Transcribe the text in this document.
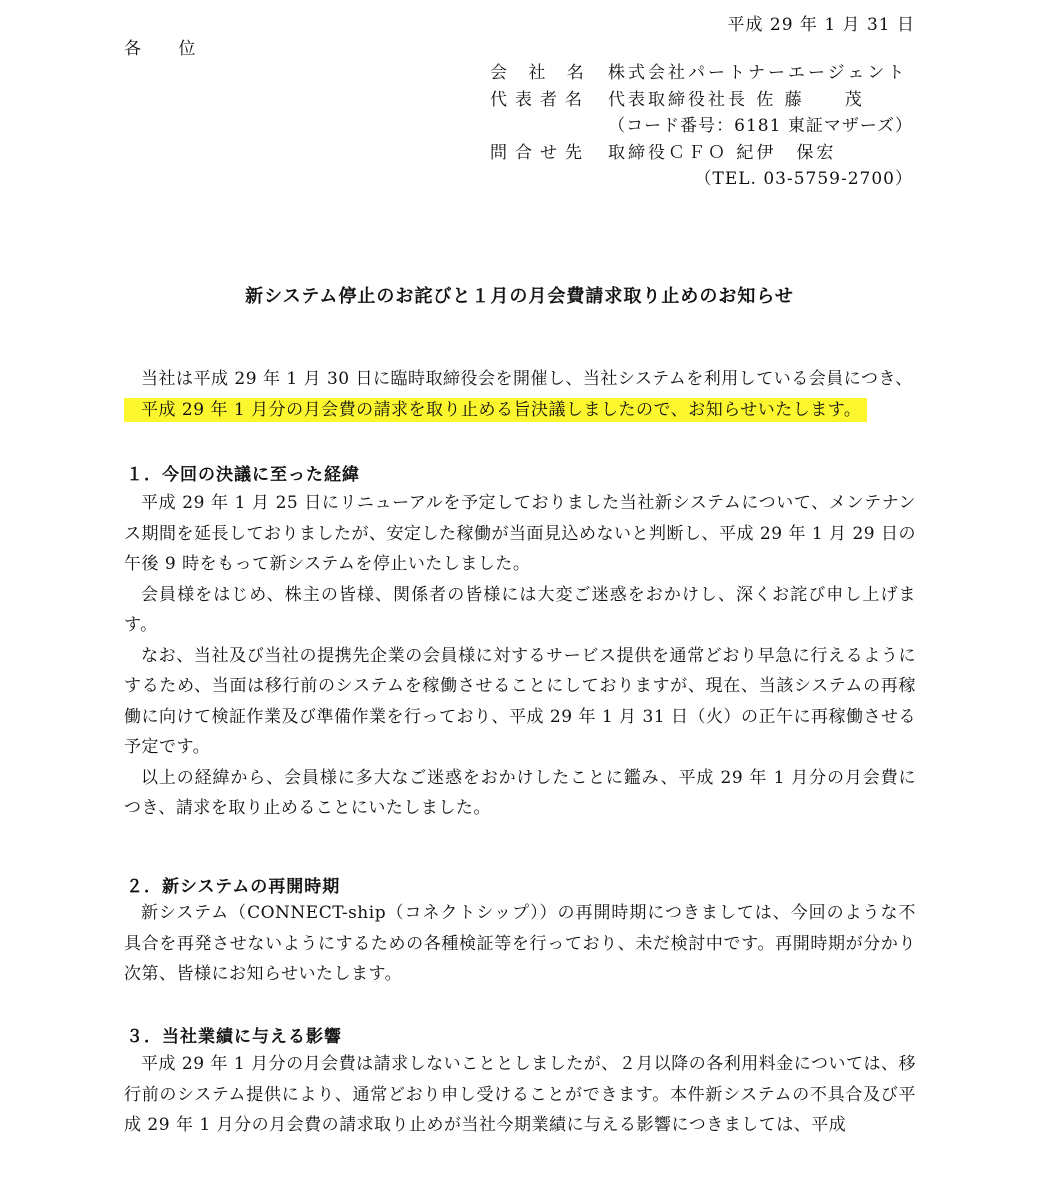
平成 29 年 1 月 31 日
各 位
会 社 名 株式会社パートナーエージェント
代表者名 代表取締役社長 佐 藤　　茂
（コード番号：6181 東証マザーズ）
問合せ先 取締役ＣＦＯ 紀伊　保宏
（TEL. 03-5759-2700）
新システム停止のお詫びと１月の月会費請求取り止めのお知らせ

当社は平成 29 年 1 月 30 日に臨時取締役会を開催し、当社システムを利用している会員につき、

平成 29 年 1 月分の月会費の請求を取り止める旨決議しましたので、お知らせいたします。

１．今回の決議に至った経緯

平成 29 年 1 月 25 日にリニューアルを予定しておりました当社新システムについて、メンテナンス期間を延長しておりましたが、安定した稼働が当面見込めないと判断し、平成 29 年 1 月 29 日の午後 9 時をもって新システムを停止いたしました。

会員様をはじめ、株主の皆様、関係者の皆様には大変ご迷惑をおかけし、深くお詫び申し上げます。

なお、当社及び当社の提携先企業の会員様に対するサービス提供を通常どおり早急に行えるようにするため、当面は移行前のシステムを稼働させることにしておりますが、現在、当該システムの再稼働に向けて検証作業及び準備作業を行っており、平成 29 年 1 月 31 日（火）の正午に再稼働させる予定です。

以上の経緯から、会員様に多大なご迷惑をおかけしたことに鑑み、平成 29 年 1 月分の月会費につき、請求を取り止めることにいたしました。

２．新システムの再開時期

新システム（CONNECT-ship（コネクトシップ））の再開時期につきましては、今回のような不具合を再発させないようにするための各種検証等を行っており、未だ検討中です。再開時期が分かり次第、皆様にお知らせいたします。

３．当社業績に与える影響

平成 29 年 1 月分の月会費は請求しないこととしましたが、２月以降の各利用料金については、移行前のシステム提供により、通常どおり申し受けることができます。本件新システムの不具合及び平成 29 年 1 月分の月会費の請求取り止めが当社今期業績に与える影響につきましては、平成
